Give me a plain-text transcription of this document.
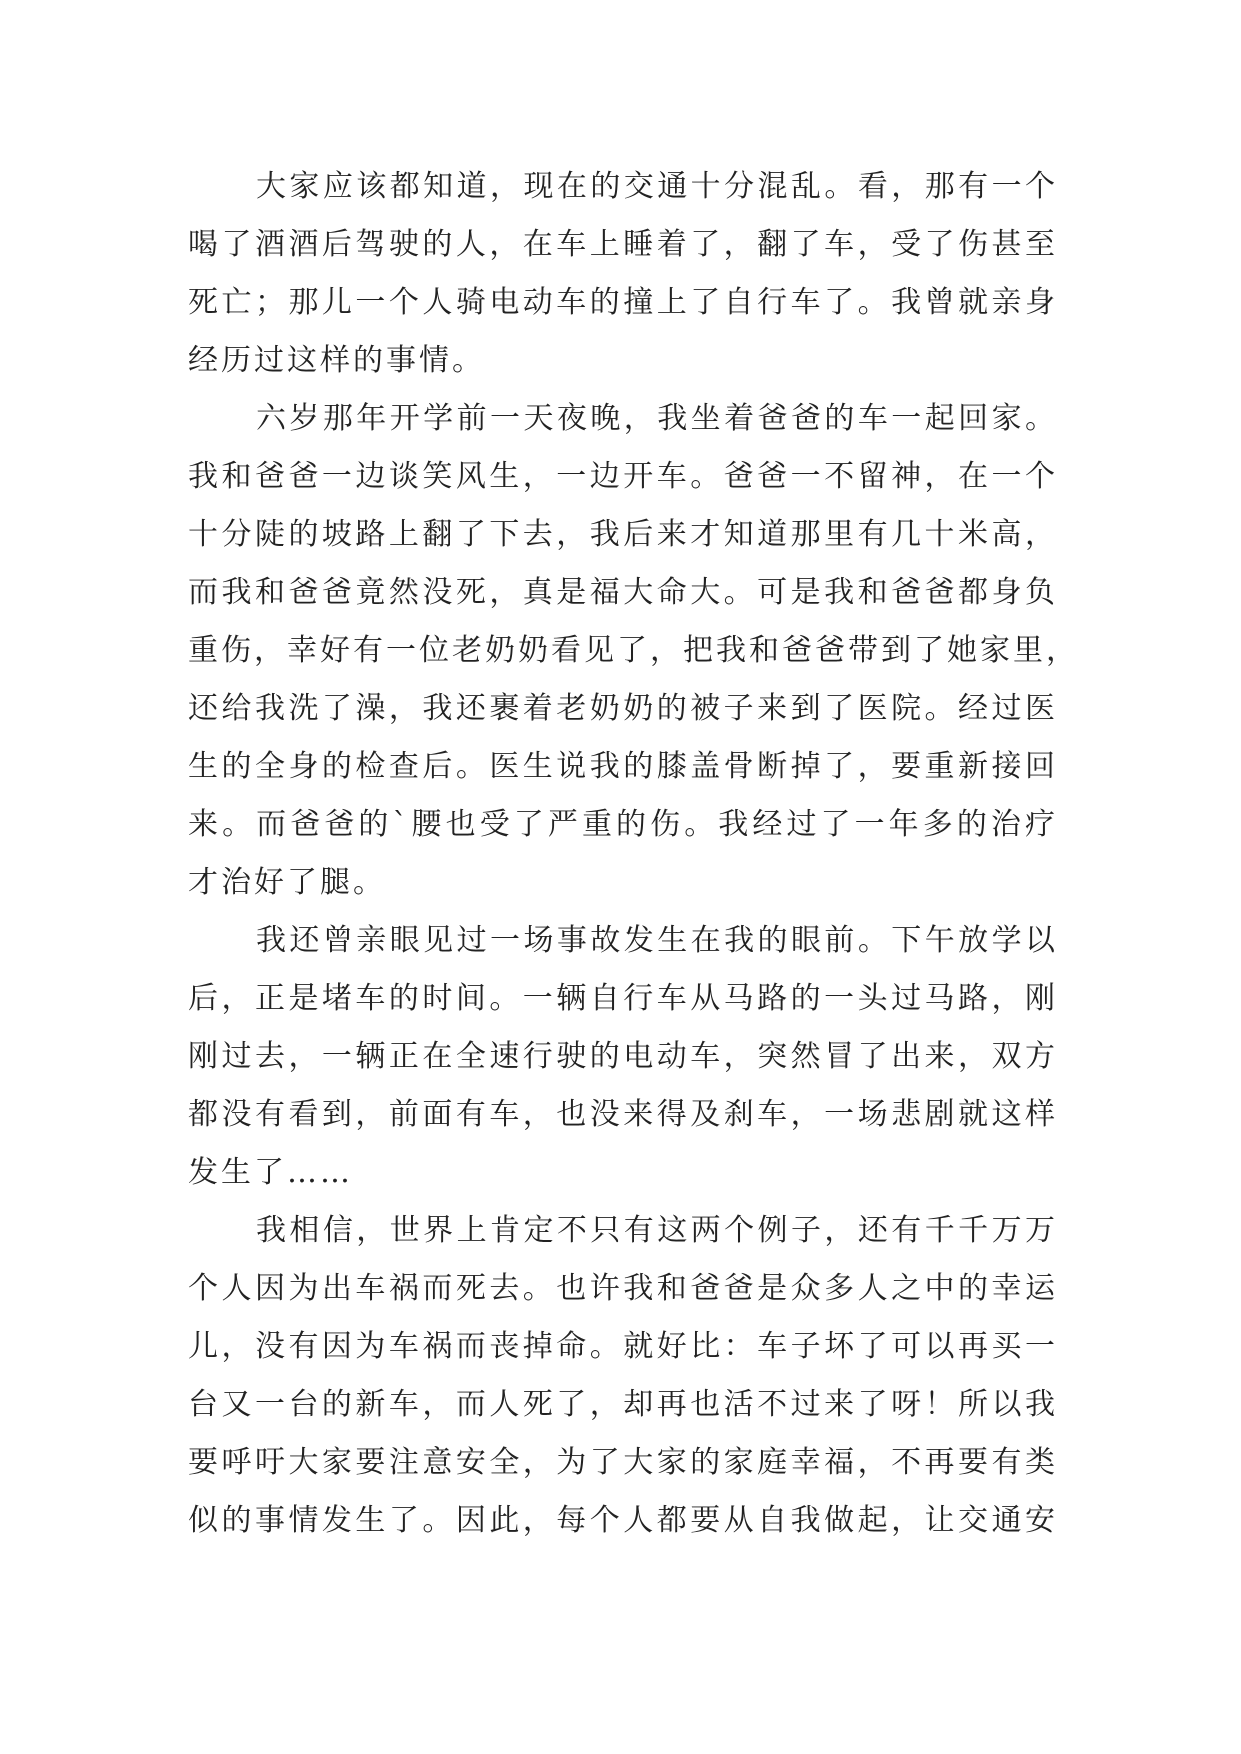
大家应该都知道，现在的交通十分混乱。看，那有一个
喝了酒酒后驾驶的人，在车上睡着了，翻了车，受了伤甚至
死亡；那儿一个人骑电动车的撞上了自行车了。我曾就亲身
经历过这样的事情。
六岁那年开学前一天夜晚，我坐着爸爸的车一起回家。
我和爸爸一边谈笑风生，一边开车。爸爸一不留神，在一个
十分陡的坡路上翻了下去，我后来才知道那里有几十米高，
而我和爸爸竟然没死，真是福大命大。可是我和爸爸都身负
重伤，幸好有一位老奶奶看见了，把我和爸爸带到了她家里，
还给我洗了澡，我还裹着老奶奶的被子来到了医院。经过医
生的全身的检查后。医生说我的膝盖骨断掉了，要重新接回
来。而爸爸的`腰也受了严重的伤。我经过了一年多的治疗
才治好了腿。
我还曾亲眼见过一场事故发生在我的眼前。下午放学以
后，正是堵车的时间。一辆自行车从马路的一头过马路，刚
刚过去，一辆正在全速行驶的电动车，突然冒了出来，双方
都没有看到，前面有车，也没来得及刹车，一场悲剧就这样
发生了……
我相信，世界上肯定不只有这两个例子，还有千千万万
个人因为出车祸而死去。也许我和爸爸是众多人之中的幸运
儿，没有因为车祸而丧掉命。就好比：车子坏了可以再买一
台又一台的新车，而人死了，却再也活不过来了呀！所以我
要呼吁大家要注意安全，为了大家的家庭幸福，不再要有类
似的事情发生了。因此，每个人都要从自我做起，让交通安
